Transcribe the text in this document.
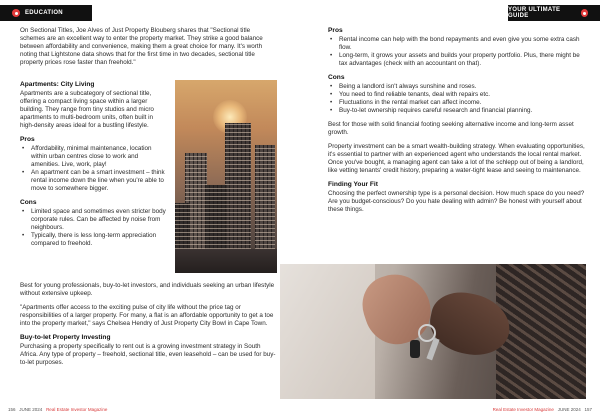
EDUCATION

On Sectional Titles, Joe Alves of Just Property Blouberg shares that "Sectional title schemes are an excellent way to enter the property market. They strike a good balance between affordability and convenience, making them a great choice for many. It's worth noting that Lightstone data shows that for the first time in two decades, sectional title property prices rose faster than freehold."

Apartments: City Living

Apartments are a subcategory of sectional title, offering a compact living space within a larger building. They range from tiny studios and micro apartments to multi-bedroom units, often built in high-density areas ideal for a bustling lifestyle.

Pros
• Affordability, minimal maintenance, location within urban centres close to work and amenities. Live, work, play!
• An apartment can be a smart investment – think rental income down the line when you're able to move to somewhere bigger.
Cons
• Limited space and sometimes even stricter body corporate rules. Can be affected by noise from neighbours.
• Typically, there is less long-term appreciation compared to freehold.

Best for young professionals, buy-to-let investors, and individuals seeking an urban lifestyle without extensive upkeep.

"Apartments offer access to the exciting pulse of city life without the price tag or responsibilities of a larger property. For many, a flat is an affordable opportunity to get a toe into the property market," says Chelsea Hendry of Just Property City Bowl in Cape Town.

Buy-to-let Property Investing

Purchasing a property specifically to rent out is a growing investment strategy in South Africa. Any type of property – freehold, sectional title, even leasehold – can be used for buy-to-let purposes.

156 JUNE 2024 Real Estate Investor Magazine
YOUR ULTIMATE GUIDE
Pros
• Rental income can help with the bond repayments and even give you some extra cash flow.
• Long-term, it grows your assets and builds your property portfolio. Plus, there might be tax advantages (check with an accountant on that).
Cons
• Being a landlord isn't always sunshine and roses.
• You need to find reliable tenants, deal with repairs etc.
• Fluctuations in the rental market can affect income.
• Buy-to-let ownership requires careful research and financial planning.

Best for those with solid financial footing seeking alternative income and long-term asset growth.

Property investment can be a smart wealth-building strategy. When evaluating opportunities, it's essential to partner with an experienced agent who understands the local rental market. Once you've bought, a managing agent can take a lot of the schlepp out of being a landlord, like vetting tenants' credit history, preparing a water-tight lease and seeing to maintenance.

Finding Your Fit

Choosing the perfect ownership type is a personal decision. How much space do you need? Are you budget-conscious? Do you hate dealing with admin? Be honest with yourself about these things.

Real Estate Investor Magazine JUNE 2024 157
